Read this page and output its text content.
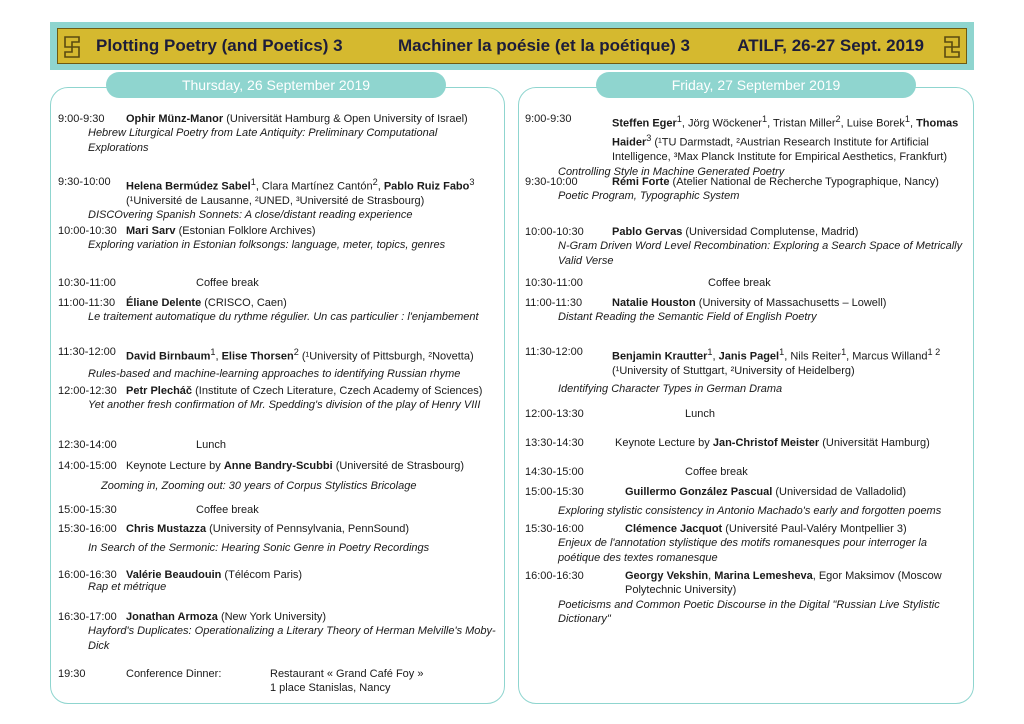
Plotting Poetry (and Poetics) 3	Machiner la poésie (et la poétique) 3	ATILF, 26-27 Sept. 2019
Thursday, 26 September 2019	Friday, 27 September 2019
9:00-9:30 Ophir Münz-Manor (Universität Hamburg & Open University of Israel)
Hebrew Liturgical Poetry from Late Antiquity: Preliminary Computational Explorations
9:30-10:00 Helena Bermúdez Sabel$^1$, Clara Martínez Cantón$^2$, Pablo Ruiz Fabo$^3$
(¹Université de Lausanne, ²UNED, ³Université de Strasbourg)
DISCOvering Spanish Sonnets: A close/distant reading experience
10:00-10:30 Mari Sarv (Estonian Folklore Archives)
Exploring variation in Estonian folksongs: language, meter, topics, genres
10:30-11:00	Coffee break
11:00-11:30 Éliane Delente (CRISCO, Caen)
Le traitement automatique du rythme régulier. Un cas particulier : l'enjambement
11:30-12:00 David Birnbaum$^1$, Elise Thorsen$^2$ (¹University of Pittsburgh, ²Novetta)
Rules-based and machine-learning approaches to identifying Russian rhyme
12:00-12:30 Petr Plecháč (Institute of Czech Literature, Czech Academy of Sciences)
Yet another fresh confirmation of Mr. Spedding's division of the play of Henry VIII
12:30-14:00	Lunch
14:00-15:00 Keynote Lecture by Anne Bandry-Scubbi (Université de Strasbourg)
Zooming in, Zooming out: 30 years of Corpus Stylistics Bricolage
15:00-15:30	Coffee break
15:30-16:00 Chris Mustazza (University of Pennsylvania, PennSound)
In Search of the Sermonic: Hearing Sonic Genre in Poetry Recordings
16:00-16:30 Valérie Beaudouin (Télécom Paris)
Rap et métrique
16:30-17:00 Jonathan Armoza (New York University)
Hayford's Duplicates: Operationalizing a Literary Theory of Herman Melville's Moby-Dick
19:30	Conference Dinner:	Restaurant « Grand Café Foy »
1 place Stanislas, Nancy
9:00-9:30	Steffen Eger$^1$, Jörg Wöckener$^1$, Tristan Miller$^2$, Luise Borek$^1$, Thomas Haider$^3$ (¹TU Darmstadt, ²Austrian Research Institute for Artificial Intelligence, ³Max Planck Institute for Empirical Aesthetics, Frankfurt)
Controlling Style in Machine Generated Poetry
9:30-10:00	Rémi Forte (Atelier National de Recherche Typographique, Nancy)
Poetic Program, Typographic System
10:00-10:30	Pablo Gervas (Universidad Complutense, Madrid)
N-Gram Driven Word Level Recombination: Exploring a Search Space of Metrically Valid Verse
10:30-11:00	Coffee break
11:00-11:30	Natalie Houston (University of Massachusetts – Lowell)
Distant Reading the Semantic Field of English Poetry
11:30-12:00	Benjamin Krautter$^1$, Janis Pagel$^1$, Nils Reiter$^1$, Marcus Willand$^{1 2}$
(¹University of Stuttgart, ²University of Heidelberg)
Identifying Character Types in German Drama
12:00-13:30	Lunch
13:30-14:30	Keynote Lecture by Jan-Christof Meister (Universität Hamburg)
14:30-15:00	Coffee break
15:00-15:30	Guillermo González Pascual (Universidad de Valladolid)
Exploring stylistic consistency in Antonio Machado's early and forgotten poems
15:30-16:00	Clémence Jacquot (Université Paul-Valéry Montpellier 3)
Enjeux de l'annotation stylistique des motifs romanesques pour interroger la poétique des textes romanesque
16:00-16:30	Georgy Vekshin, Marina Lemesheva, Egor Maksimov (Moscow Polytechnic University)
Poeticisms and Common Poetic Discourse in the Digital "Russian Live Stylistic Dictionary"
